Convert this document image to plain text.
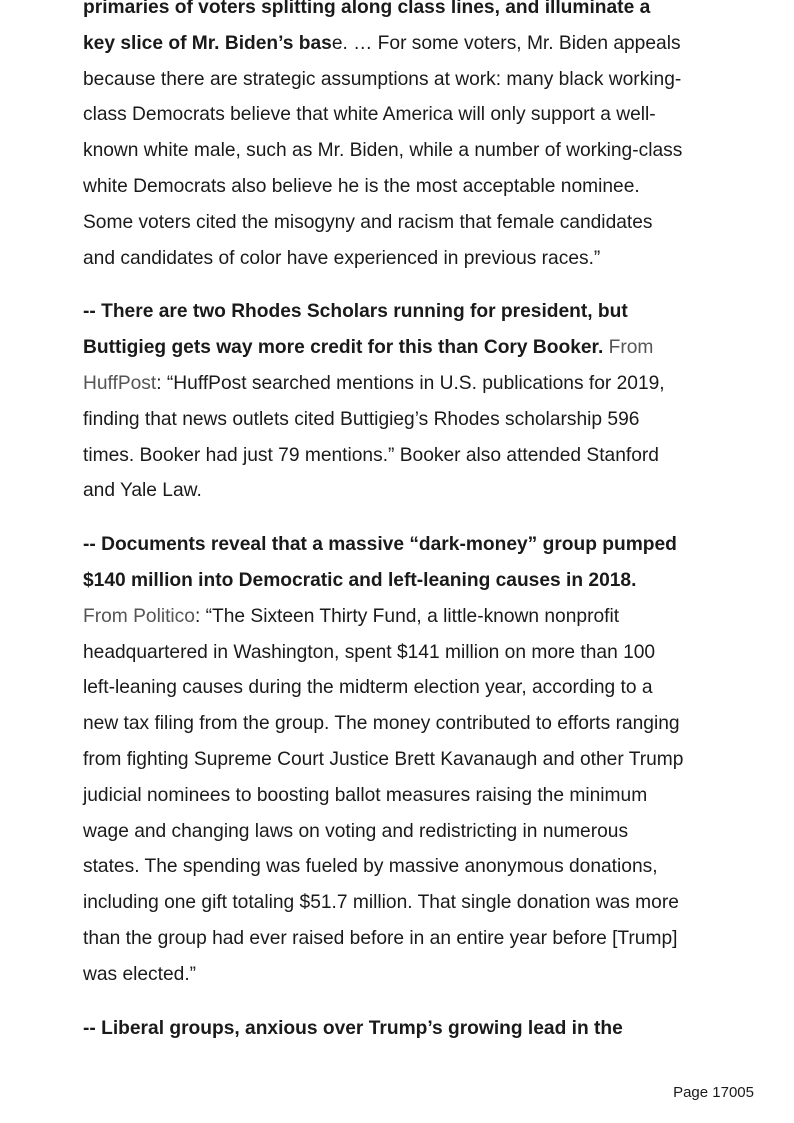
primaries of voters splitting along class lines, and illuminate a
key slice of Mr. Biden’s base. … For some voters, Mr. Biden appeals
because there are strategic assumptions at work: many black working-
class Democrats believe that white America will only support a well-
known white male, such as Mr. Biden, while a number of working-class
white Democrats also believe he is the most acceptable nominee.
Some voters cited the misogyny and racism that female candidates
and candidates of color have experienced in previous races.”
-- There are two Rhodes Scholars running for president, but
Buttigieg gets way more credit for this than Cory Booker. From
HuffPost: “HuffPost searched mentions in U.S. publications for 2019,
finding that news outlets cited Buttigieg’s Rhodes scholarship 596
times. Booker had just 79 mentions.” Booker also attended Stanford
and Yale Law.
-- Documents reveal that a massive “dark-money” group pumped
$140 million into Democratic and left-leaning causes in 2018.
From Politico: “The Sixteen Thirty Fund, a little-known nonprofit
headquartered in Washington, spent $141 million on more than 100
left-leaning causes during the midterm election year, according to a
new tax filing from the group. The money contributed to efforts ranging
from fighting Supreme Court Justice Brett Kavanaugh and other Trump
judicial nominees to boosting ballot measures raising the minimum
wage and changing laws on voting and redistricting in numerous
states. The spending was fueled by massive anonymous donations,
including one gift totaling $51.7 million. That single donation was more
than the group had ever raised before in an entire year before [Trump]
was elected.”
-- Liberal groups, anxious over Trump’s growing lead in the
Page 17005
